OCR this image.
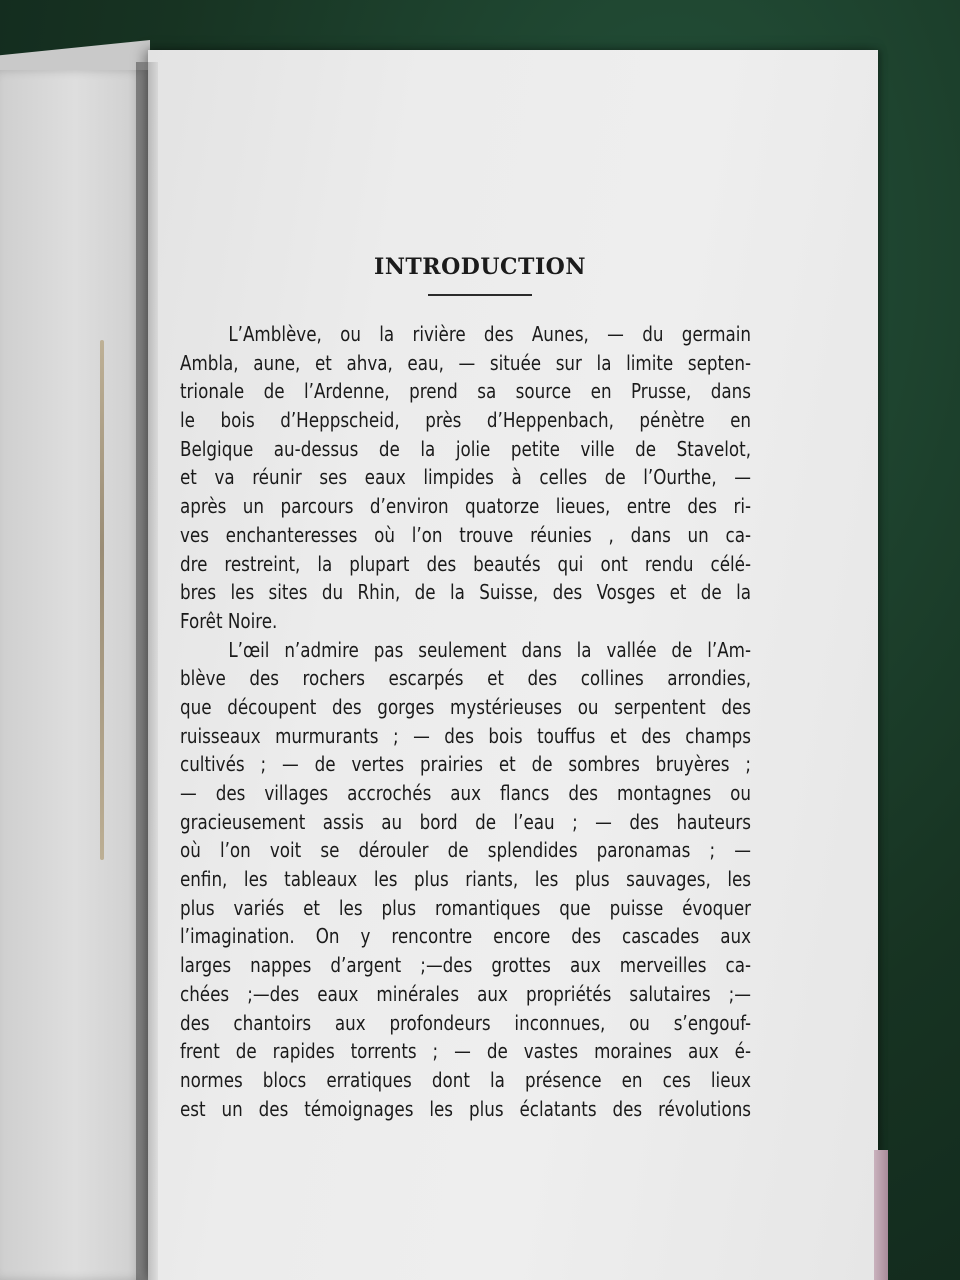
INTRODUCTION
L’Amblève, ou la rivière des Aunes, — du germain
Ambla, aune, et ahva, eau, — située sur la limite septen-
trionale de l’Ardenne, prend sa source en Prusse, dans
le bois d’Heppscheid, près d’Heppenbach, pénètre en
Belgique au-dessus de la jolie petite ville de Stavelot,
et va réunir ses eaux limpides à celles de l’Ourthe, —
après un parcours d’environ quatorze lieues, entre des ri-
ves enchanteresses où l’on trouve réunies , dans un ca-
dre restreint, la plupart des beautés qui ont rendu célé-
bres les sites du Rhin, de la Suisse, des Vosges et de la
Forêt Noire.
L’œil n’admire pas seulement dans la vallée de l’Am-
blève des rochers escarpés et des collines arrondies,
que découpent des gorges mystérieuses ou serpentent des
ruisseaux murmurants ; — des bois touffus et des champs
cultivés ; — de vertes prairies et de sombres bruyères ;
— des villages accrochés aux flancs des montagnes ou
gracieusement assis au bord de l’eau ; — des hauteurs
où l’on voit se dérouler de splendides paronamas ; —
enfin, les tableaux les plus riants, les plus sauvages, les
plus variés et les plus romantiques que puisse évoquer
l’imagination. On y rencontre encore des cascades aux
larges nappes d’argent ;—des grottes aux merveilles ca-
chées ;—des eaux minérales aux propriétés salutaires ;—
des chantoirs aux profondeurs inconnues, ou s’engouf-
frent de rapides torrents ; — de vastes moraines aux é-
normes blocs erratiques dont la présence en ces lieux
est un des témoignages les plus éclatants des révolutions
